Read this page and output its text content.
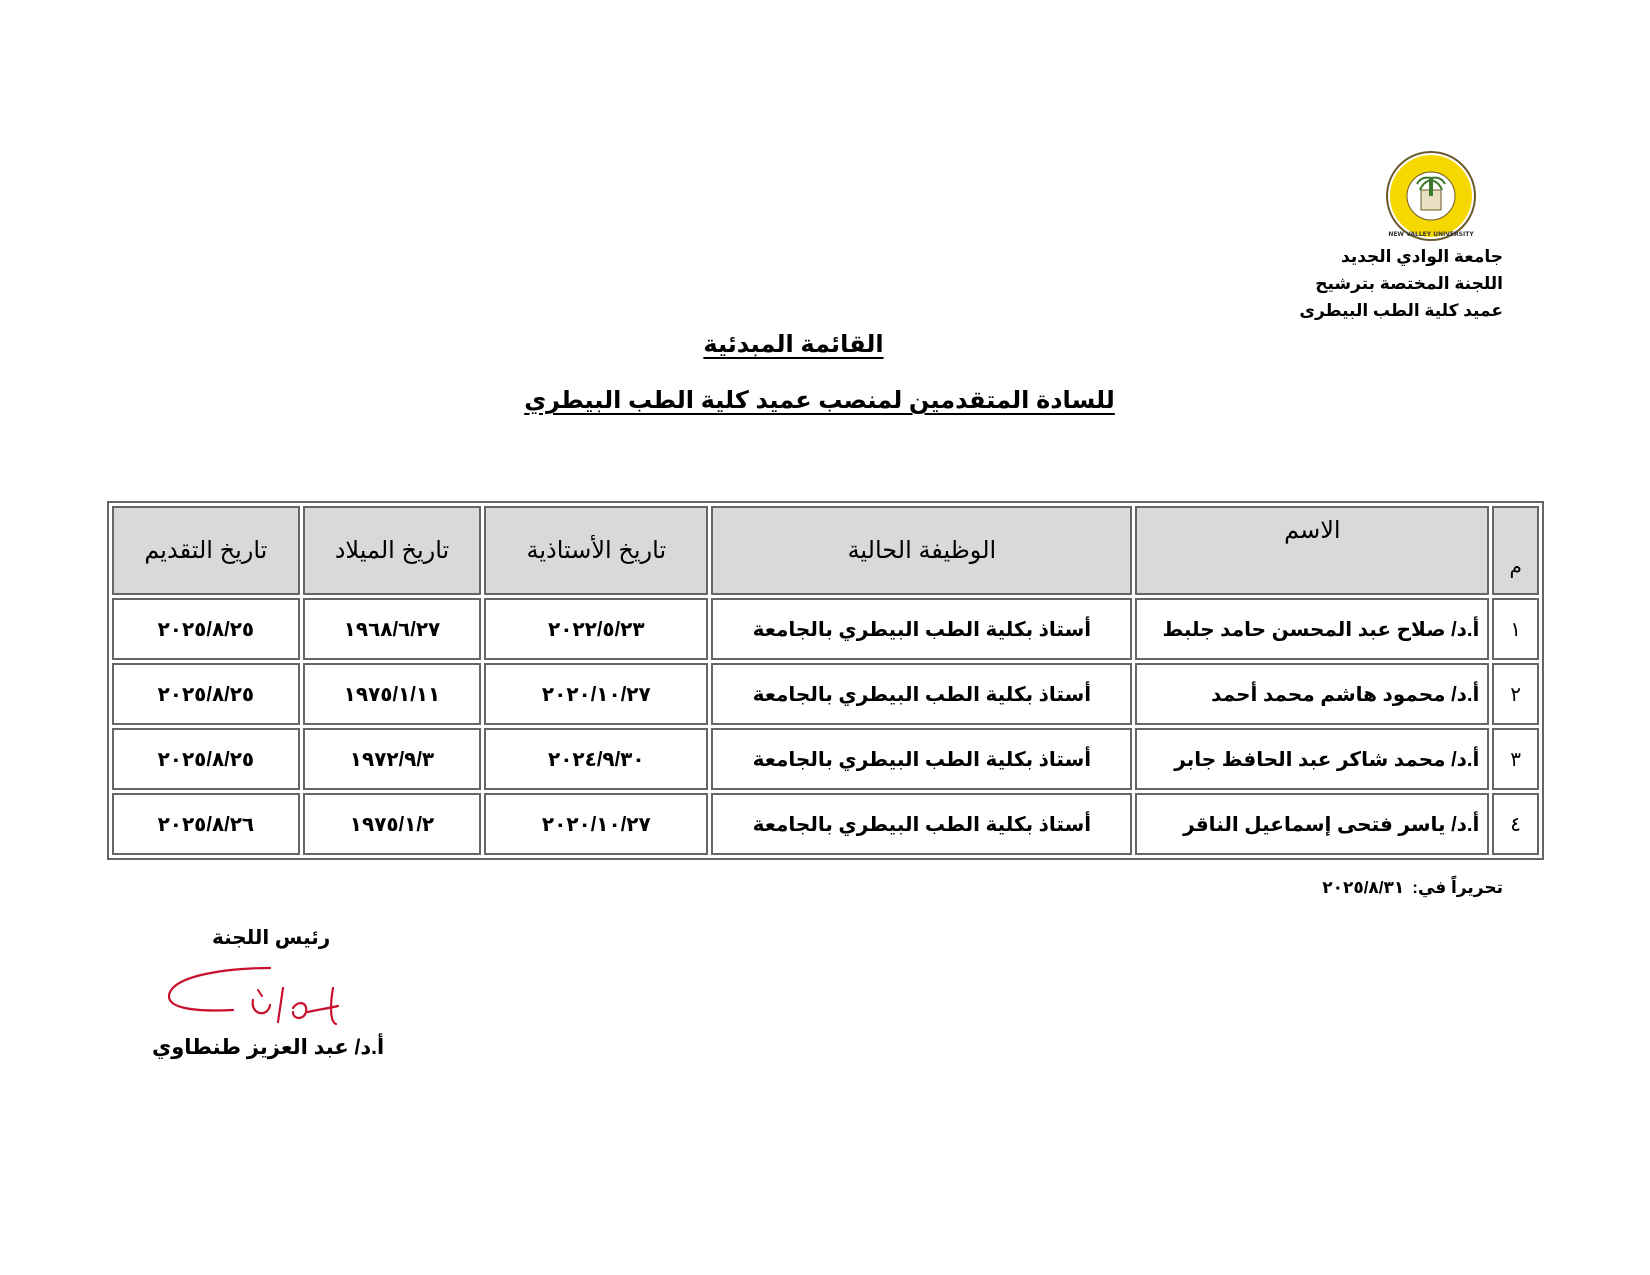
NEW VALLEY UNIVERSITY
جامعة الوادي الجديد
اللجنة المختصة بترشيح
عميد كلية الطب البيطرى
القائمة المبدئية
للسادة المتقدمين لمنصب عميد كلية الطب البيطري
م	الاسم	الوظيفة الحالية	تاريخ الأستاذية	تاريخ الميلاد	تاريخ التقديم
١	أ.د/ صلاح عبد المحسن حامد جلبط	أستاذ بكلية الطب البيطري بالجامعة	٢٠٢٢/٥/٢٣	١٩٦٨/٦/٢٧	٢٠٢٥/٨/٢٥
٢	أ.د/ محمود هاشم محمد أحمد	أستاذ بكلية الطب البيطري بالجامعة	٢٠٢٠/١٠/٢٧	١٩٧٥/١/١١	٢٠٢٥/٨/٢٥
٣	أ.د/ محمد شاكر عبد الحافظ جابر	أستاذ بكلية الطب البيطري بالجامعة	٢٠٢٤/٩/٣٠	١٩٧٢/٩/٣	٢٠٢٥/٨/٢٥
٤	أ.د/ ياسر فتحى إسماعيل الناقر	أستاذ بكلية الطب البيطري بالجامعة	٢٠٢٠/١٠/٢٧	١٩٧٥/١/٢	٢٠٢٥/٨/٢٦
تحريراً في:٢٠٢٥/٨/٣١
رئيس اللجنة
أ.د/ عبد العزيز طنطاوي
